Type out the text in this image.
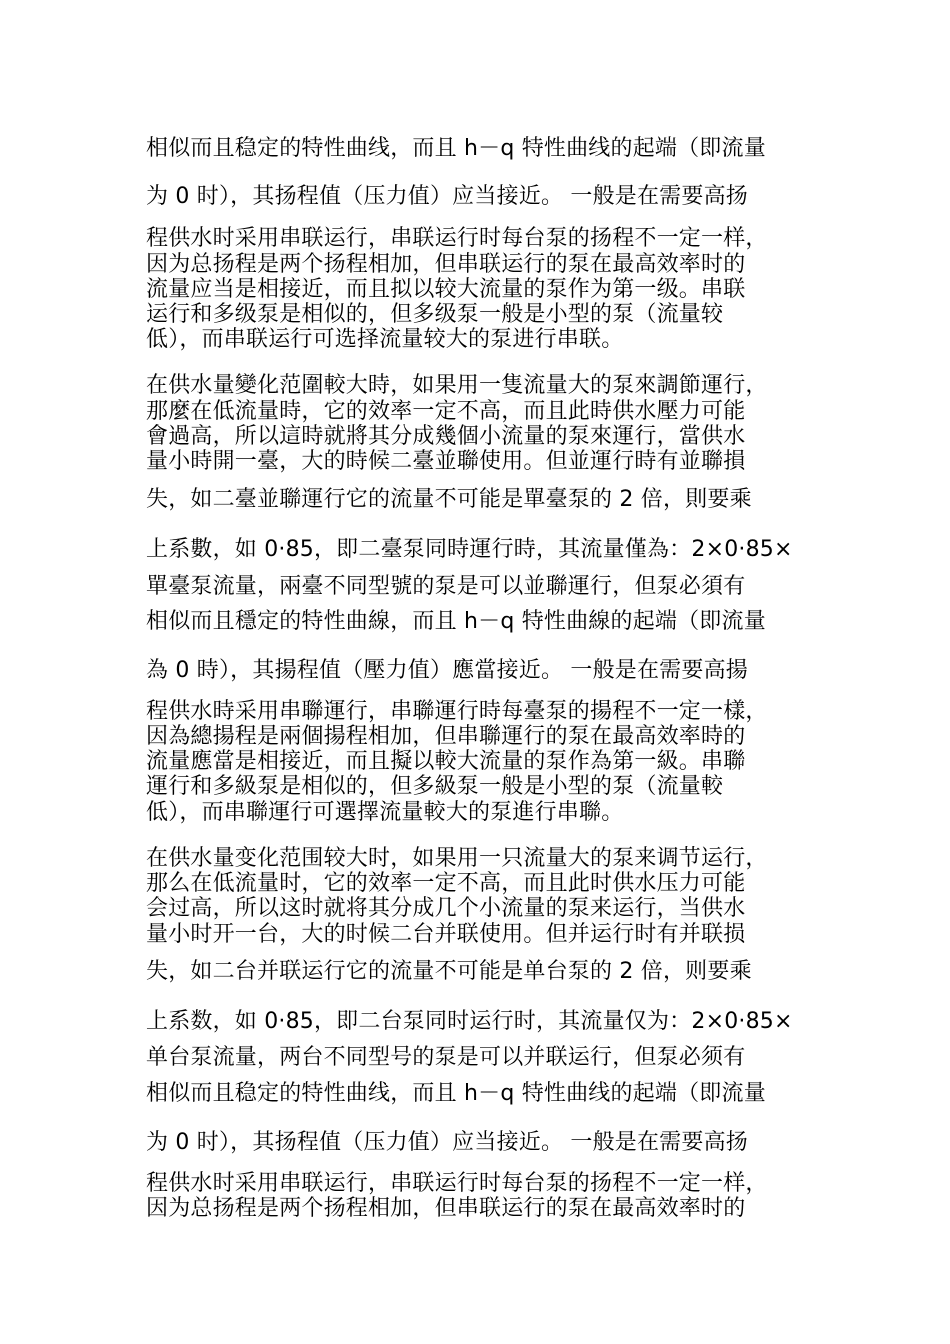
相似而且稳定的特性曲线，而且 h－q 特性曲线的起端（即流量
为 0 时），其扬程值（压力值）应当接近。 一般是在需要高扬
程供水时采用串联运行，串联运行时每台泵的扬程不一定一样，
因为总扬程是两个扬程相加，但串联运行的泵在最高效率时的
流量应当是相接近，而且拟以较大流量的泵作为第一级。串联
运行和多级泵是相似的，但多级泵一般是小型的泵（流量较
低），而串联运行可选择流量较大的泵进行串联。
在供水量變化范圍較大時，如果用一隻流量大的泵來調節運行，
那麼在低流量時，它的效率一定不高，而且此時供水壓力可能
會過高，所以這時就將其分成幾個小流量的泵來運行，當供水
量小時開一臺，大的時候二臺並聯使用。但並運行時有並聯損
失，如二臺並聯運行它的流量不可能是單臺泵的 2 倍，則要乘
上系數，如 0·85，即二臺泵同時運行時，其流量僅為：2×0·85×
單臺泵流量，兩臺不同型號的泵是可以並聯運行，但泵必須有
相似而且穩定的特性曲線，而且 h－q 特性曲線的起端（即流量
為 0 時），其揚程值（壓力值）應當接近。 一般是在需要高揚
程供水時采用串聯運行，串聯運行時每臺泵的揚程不一定一樣，
因為總揚程是兩個揚程相加，但串聯運行的泵在最高效率時的
流量應當是相接近，而且擬以較大流量的泵作為第一級。串聯
運行和多級泵是相似的，但多級泵一般是小型的泵（流量較
低），而串聯運行可選擇流量較大的泵進行串聯。
在供水量变化范围较大时，如果用一只流量大的泵来调节运行，
那么在低流量时，它的效率一定不高，而且此时供水压力可能
会过高，所以这时就将其分成几个小流量的泵来运行，当供水
量小时开一台，大的时候二台并联使用。但并运行时有并联损
失，如二台并联运行它的流量不可能是单台泵的 2 倍，则要乘
上系数，如 0·85，即二台泵同时运行时，其流量仅为：2×0·85×
单台泵流量，两台不同型号的泵是可以并联运行，但泵必须有
相似而且稳定的特性曲线，而且 h－q 特性曲线的起端（即流量
为 0 时），其扬程值（压力值）应当接近。 一般是在需要高扬
程供水时采用串联运行，串联运行时每台泵的扬程不一定一样，
因为总扬程是两个扬程相加，但串联运行的泵在最高效率时的
